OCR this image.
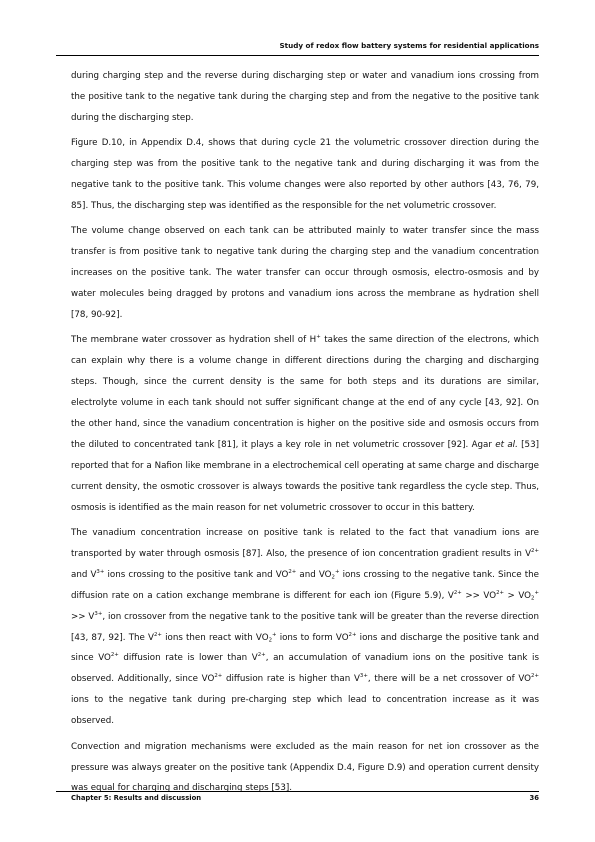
Study of redox flow battery systems for residential applications

during charging step and the reverse during discharging step or water and vanadium ions crossing from the positive tank to the negative tank during the charging step and from the negative to the positive tank during the discharging step.

Figure D.10, in Appendix D.4, shows that during cycle 21 the volumetric crossover direction during the charging step was from the positive tank to the negative tank and during discharging it was from the negative tank to the positive tank. This volume changes were also reported by other authors [43, 76, 79, 85]. Thus, the discharging step was identified as the responsible for the net volumetric crossover.

The volume change observed on each tank can be attributed mainly to water transfer since the mass transfer is from positive tank to negative tank during the charging step and the vanadium concentration increases on the positive tank. The water transfer can occur through osmosis, electro-osmosis and by water molecules being dragged by protons and vanadium ions across the membrane as hydration shell [78, 90-92].

The membrane water crossover as hydration shell of H+ takes the same direction of the electrons, which can explain why there is a volume change in different directions during the charging and discharging steps. Though, since the current density is the same for both steps and its durations are similar, electrolyte volume in each tank should not suffer significant change at the end of any cycle [43, 92]. On the other hand, since the vanadium concentration is higher on the positive side and osmosis occurs from the diluted to concentrated tank [81], it plays a key role in net volumetric crossover [92]. Agar et al. [53] reported that for a Nafion like membrane in a electrochemical cell operating at same charge and discharge current density, the osmotic crossover is always towards the positive tank regardless the cycle step. Thus, osmosis is identified as the main reason for net volumetric crossover to occur in this battery.

The vanadium concentration increase on positive tank is related to the fact that vanadium ions are transported by water through osmosis [87]. Also, the presence of ion concentration gradient results in $V^{2+}$ and $V^{3+}$ ions crossing to the positive tank and $VO^{2+}$ and $VO_2^+$ ions crossing to the negative tank. Since the diffusion rate on a cation exchange membrane is different for each ion (Figure 5.9), $V^{2+} >> VO^{2+} > VO_2^+ >> V^{3+}$, ion crossover from the negative tank to the positive tank will be greater than the reverse direction [43, 87, 92]. The $V^{2+}$ ions then react with $VO_2^+$ ions to form $VO^{2+}$ ions and discharge the positive tank and since $VO^{2+}$ diffusion rate is lower than $V^{2+}$, an accumulation of vanadium ions on the positive tank is observed. Additionally, since $VO^{2+}$ diffusion rate is higher than $V^{3+}$, there will be a net crossover of $VO^{2+}$ ions to the negative tank during pre-charging step which lead to concentration increase as it was observed.

Convection and migration mechanisms were excluded as the main reason for net ion crossover as the pressure was always greater on the positive tank (Appendix D.4, Figure D.9) and operation current density was equal for charging and discharging steps [53].

Chapter 5: Results and discussion	36
